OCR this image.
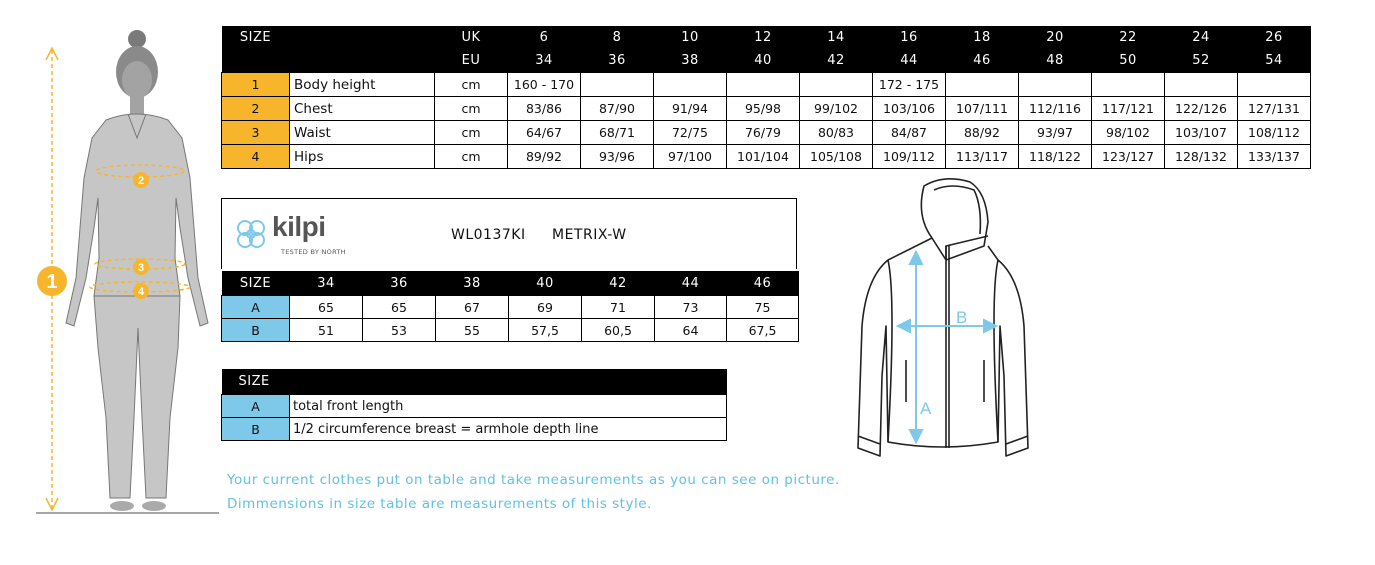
1
2
3
4
SIZE		UK	6	8	10	12	14	16	18	20	22	24	26
		EU	34	36	38	40	42	44	46	48	50	52	54
1	Body height	cm	160 - 170					172 - 175					
2	Chest	cm	83/86	87/90	91/94	95/98	99/102	103/106	107/111	112/116	117/121	122/126	127/131
3	Waist	cm	64/67	68/71	72/75	76/79	80/83	84/87	88/92	93/97	98/102	103/107	108/112
4	Hips	cm	89/92	93/96	97/100	101/104	105/108	109/112	113/117	118/122	123/127	128/132	133/137
kilpi
TESTED BY NORTH
WL0137KI METRIX-W
SIZE	34	36	38	40	42	44	46
A	65	65	67	69	71	73	75
B	51	53	55	57,5	60,5	64	67,5
SIZE	
A	total front length
B	1/2 circumference breast = armhole depth line
Your current clothes put on table and take measurements as you can see on picture.
Dimmensions in size table are measurements of this style.
A
B
